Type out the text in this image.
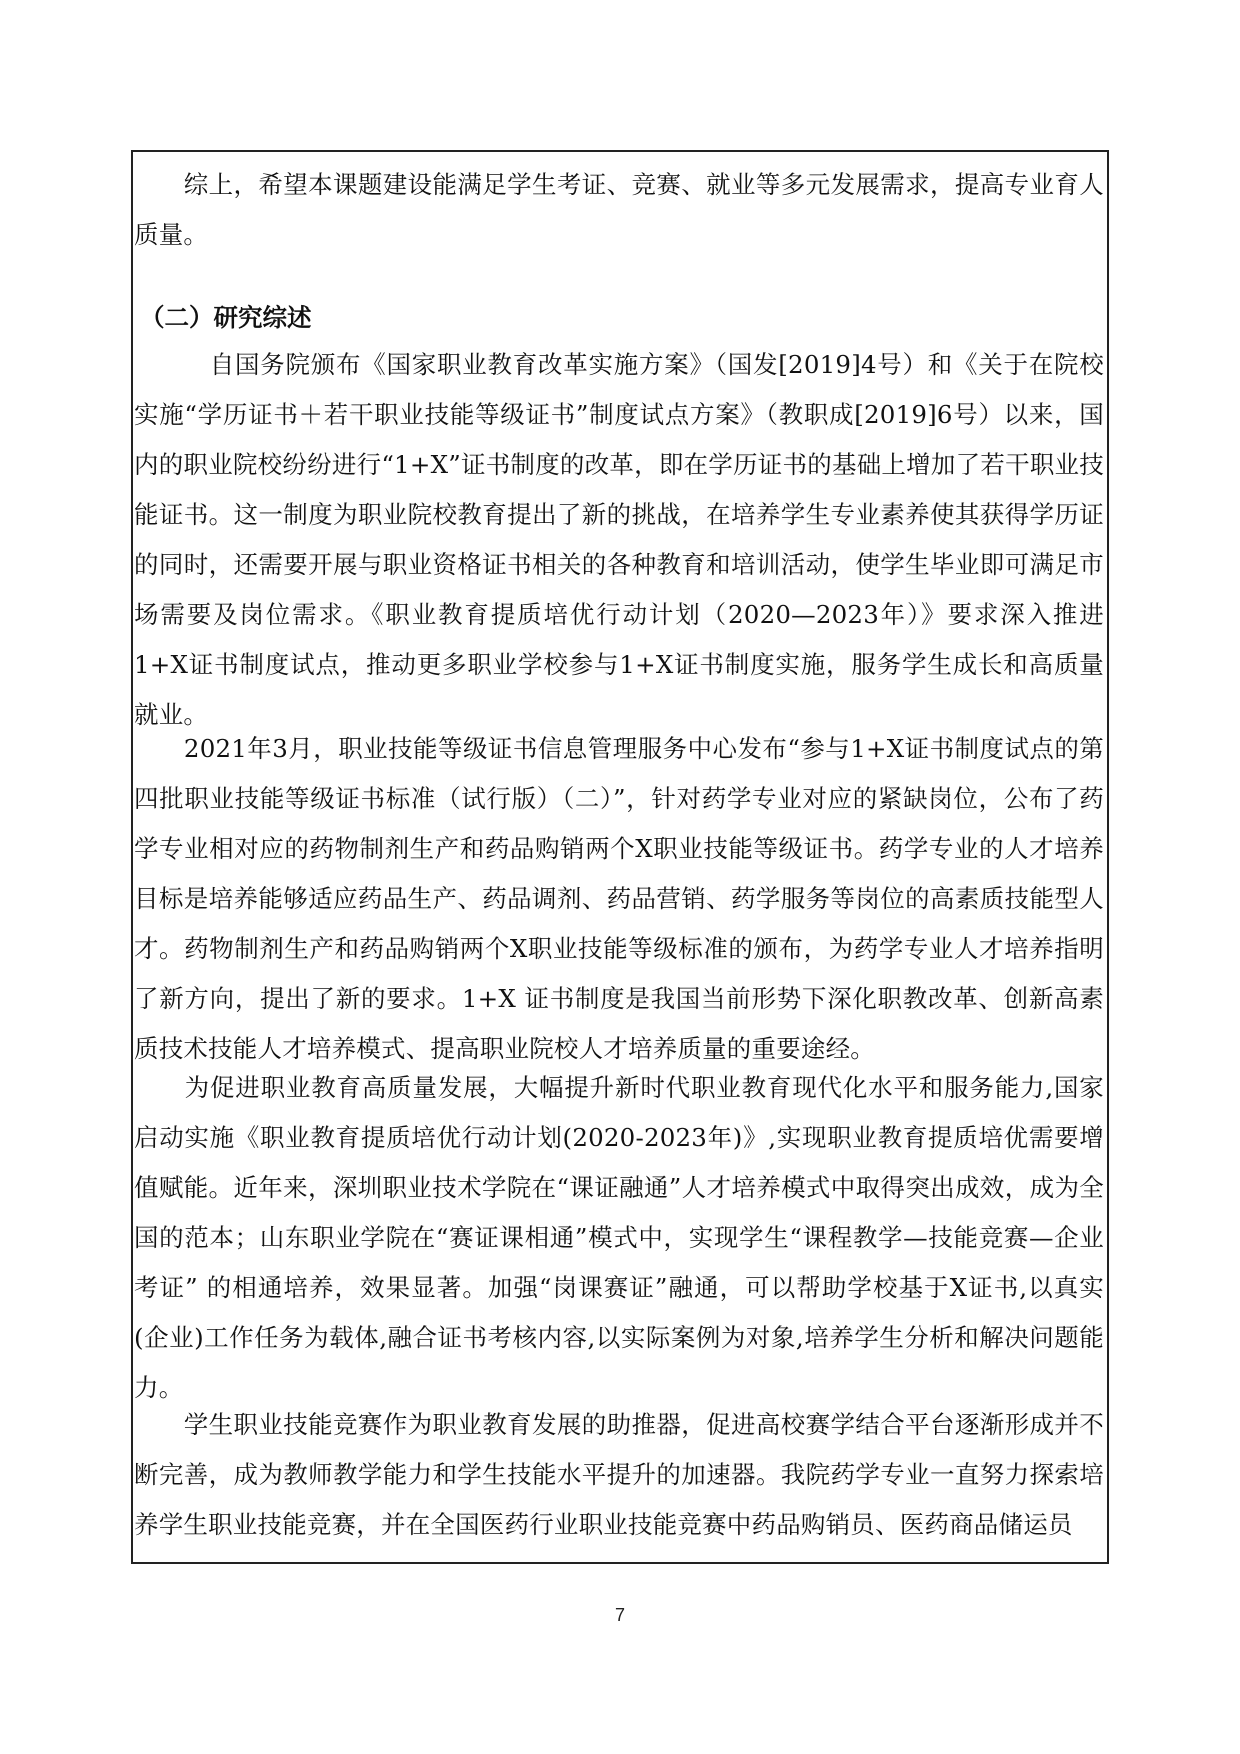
　　综上，希望本课题建设能满足学生考证、竞赛、就业等多元发展需求，提高专业育人质量。

（二）研究综述

　　　自国务院颁布《国家职业教育改革实施方案》（国发[2019]4号）和《关于在院校实施“学历证书＋若干职业技能等级证书”制度试点方案》（教职成[2019]6号）以来，国内的职业院校纷纷进行“1+X”证书制度的改革，即在学历证书的基础上增加了若干职业技能证书。这一制度为职业院校教育提出了新的挑战，在培养学生专业素养使其获得学历证的同时，还需要开展与职业资格证书相关的各种教育和培训活动，使学生毕业即可满足市场需要及岗位需求。《职业教育提质培优行动计划（2020—2023年）》要求深入推进1+X证书制度试点，推动更多职业学校参与1+X证书制度实施，服务学生成长和高质量就业。

　　2021年3月，职业技能等级证书信息管理服务中心发布“参与1+X证书制度试点的第四批职业技能等级证书标准（试行版）（二）”，针对药学专业对应的紧缺岗位，公布了药学专业相对应的药物制剂生产和药品购销两个X职业技能等级证书。药学专业的人才培养目标是培养能够适应药品生产、药品调剂、药品营销、药学服务等岗位的高素质技能型人才。药物制剂生产和药品购销两个X职业技能等级标准的颁布，为药学专业人才培养指明了新方向，提出了新的要求。1+X 证书制度是我国当前形势下深化职教改革、创新高素质技术技能人才培养模式、提高职业院校人才培养质量的重要途经。

　　为促进职业教育高质量发展，大幅提升新时代职业教育现代化水平和服务能力,国家启动实施《职业教育提质培优行动计划(2020-2023年)》,实现职业教育提质培优需要增值赋能。近年来，深圳职业技术学院在“课证融通”人才培养模式中取得突出成效，成为全国的范本；山东职业学院在“赛证课相通”模式中，实现学生“课程教学—技能竞赛—企业考证” 的相通培养，效果显著。加强“岗课赛证”融通，可以帮助学校基于X证书,以真实(企业)工作任务为载体,融合证书考核内容,以实际案例为对象,培养学生分析和解决问题能力。

　　学生职业技能竞赛作为职业教育发展的助推器，促进高校赛学结合平台逐渐形成并不断完善，成为教师教学能力和学生技能水平提升的加速器。我院药学专业一直努力探索培养学生职业技能竞赛，并在全国医药行业职业技能竞赛中药品购销员、医药商品储运员

7
